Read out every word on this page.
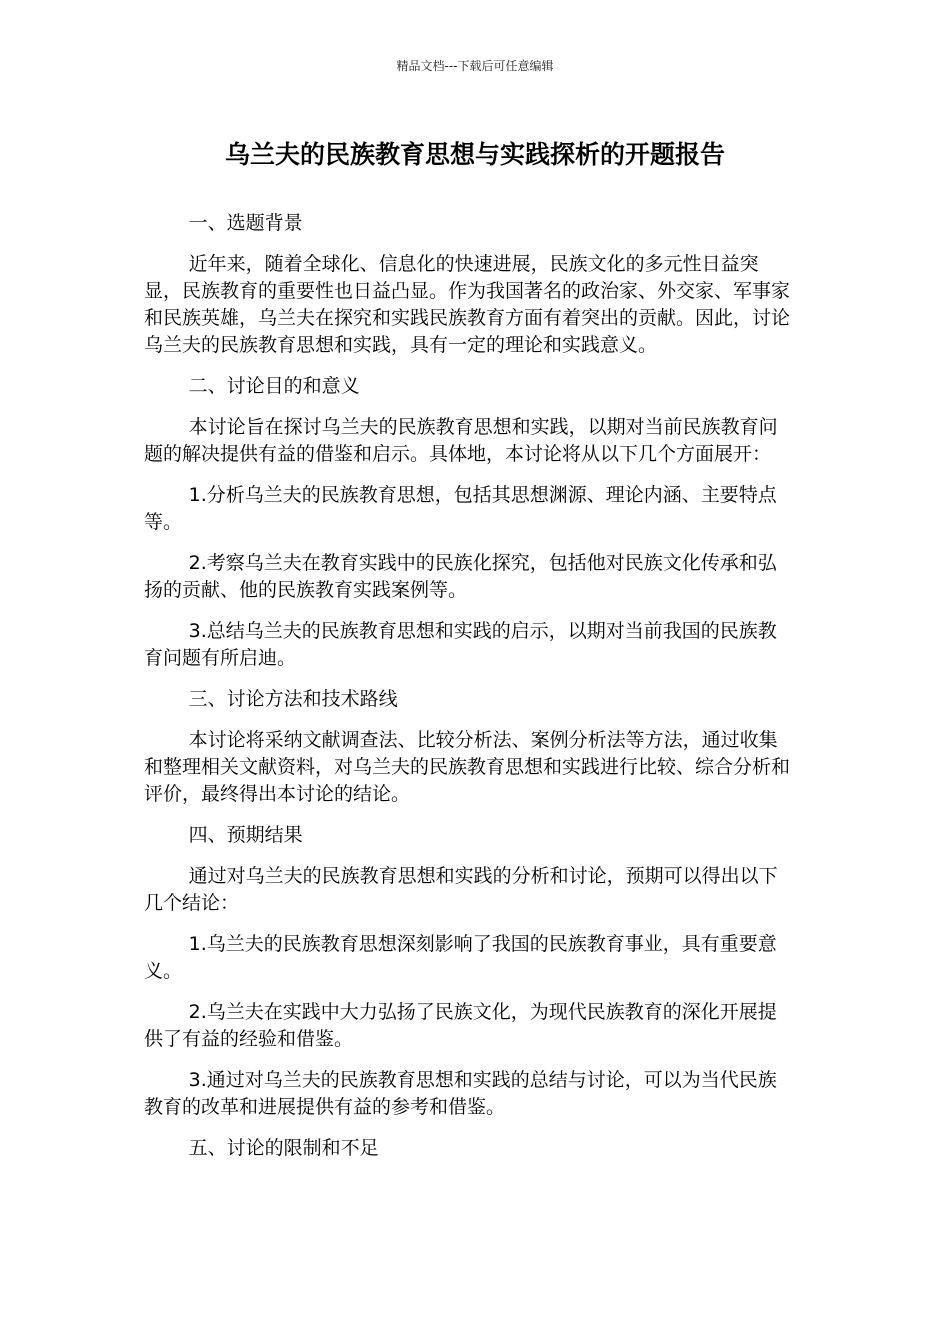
精品文档---下载后可任意编辑
乌兰夫的民族教育思想与实践探析的开题报告

一、选题背景

近年来，随着全球化、信息化的快速进展，民族文化的多元性日益突显，民族教育的重要性也日益凸显。作为我国著名的政治家、外交家、军事家和民族英雄，乌兰夫在探究和实践民族教育方面有着突出的贡献。因此，讨论乌兰夫的民族教育思想和实践，具有一定的理论和实践意义。

二、讨论目的和意义

本讨论旨在探讨乌兰夫的民族教育思想和实践，以期对当前民族教育问题的解决提供有益的借鉴和启示。具体地，本讨论将从以下几个方面展开：

1.分析乌兰夫的民族教育思想，包括其思想渊源、理论内涵、主要特点等。

2.考察乌兰夫在教育实践中的民族化探究，包括他对民族文化传承和弘扬的贡献、他的民族教育实践案例等。

3.总结乌兰夫的民族教育思想和实践的启示，以期对当前我国的民族教育问题有所启迪。

三、讨论方法和技术路线

本讨论将采纳文献调查法、比较分析法、案例分析法等方法，通过收集和整理相关文献资料，对乌兰夫的民族教育思想和实践进行比较、综合分析和评价，最终得出本讨论的结论。

四、预期结果

通过对乌兰夫的民族教育思想和实践的分析和讨论，预期可以得出以下几个结论：

1.乌兰夫的民族教育思想深刻影响了我国的民族教育事业，具有重要意义。

2.乌兰夫在实践中大力弘扬了民族文化，为现代民族教育的深化开展提供了有益的经验和借鉴。

3.通过对乌兰夫的民族教育思想和实践的总结与讨论，可以为当代民族教育的改革和进展提供有益的参考和借鉴。

五、讨论的限制和不足
